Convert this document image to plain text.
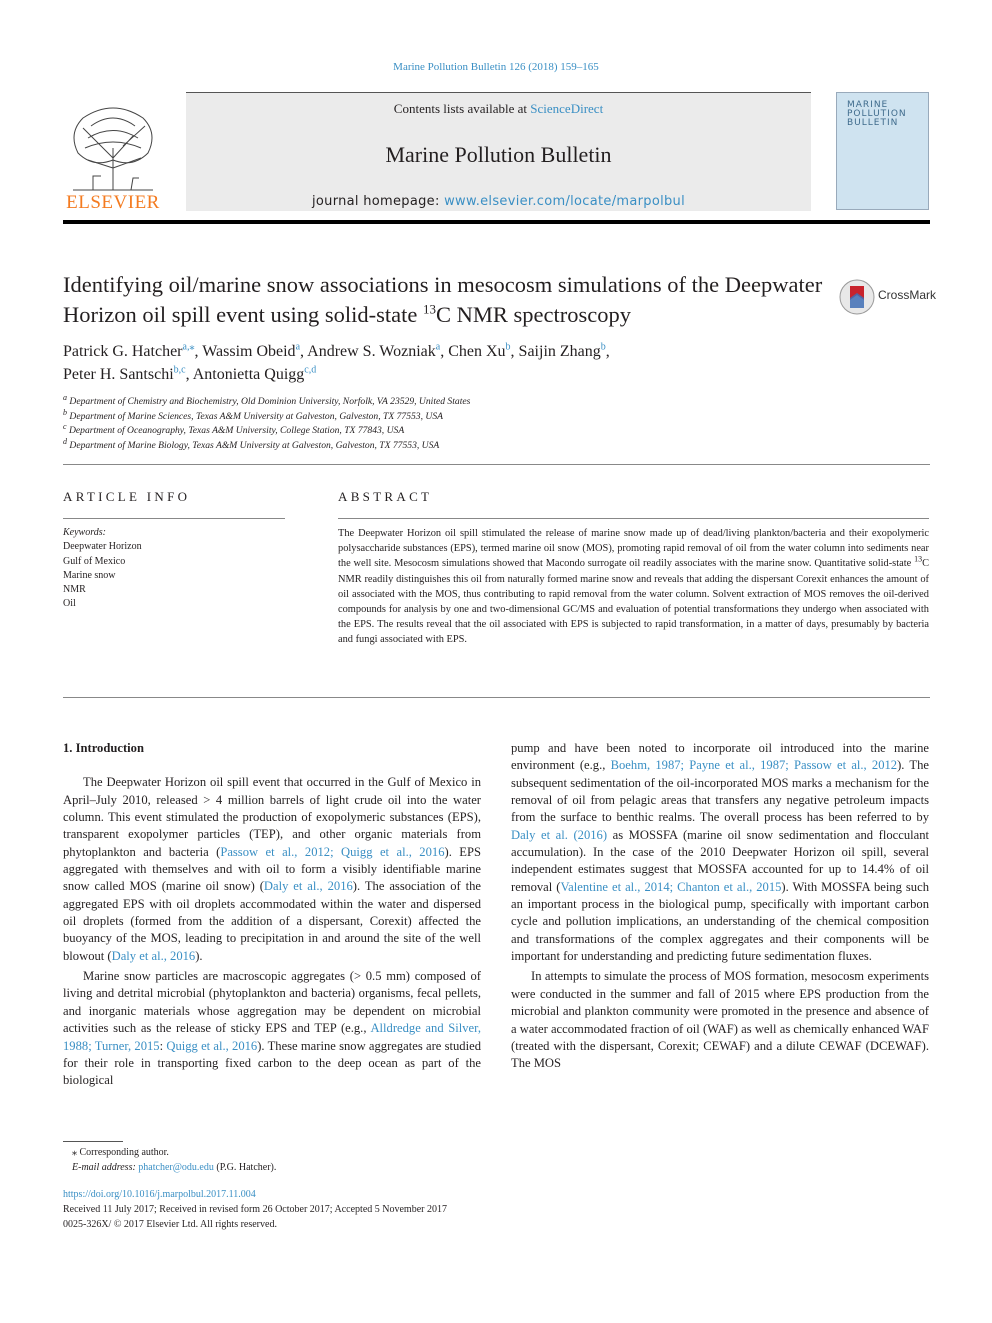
Marine Pollution Bulletin 126 (2018) 159–165
ELSEVIER
Contents lists available at ScienceDirect
Marine Pollution Bulletin
journal homepage: www.elsevier.com/locate/marpolbul
MARINE
POLLUTION
BULLETIN
Identifying oil/marine snow associations in mesocosm simulations of the Deepwater Horizon oil spill event using solid-state $^{13}$C NMR spectroscopy
CrossMark
Patrick G. Hatcher$^{a,⁎}$, Wassim Obeid$^a$, Andrew S. Wozniak$^a$, Chen Xu$^b$, Saijin Zhang$^b$,
Peter H. Santschi$^{b,c}$, Antonietta Quigg$^{c,d}$
$^a$ Department of Chemistry and Biochemistry, Old Dominion University, Norfolk, VA 23529, United States
$^b$ Department of Marine Sciences, Texas A&M University at Galveston, Galveston, TX 77553, USA
$^c$ Department of Oceanography, Texas A&M University, College Station, TX 77843, USA
$^d$ Department of Marine Biology, Texas A&M University at Galveston, Galveston, TX 77553, USA
ARTICLE INFO
Keywords:
Deepwater Horizon
Gulf of Mexico
Marine snow
NMR
Oil
ABSTRACT
The Deepwater Horizon oil spill stimulated the release of marine snow made up of dead/living plankton/bacteria and their exopolymeric polysaccharide substances (EPS), termed marine oil snow (MOS), promoting rapid removal of oil from the water column into sediments near the well site. Mesocosm simulations showed that Macondo surrogate oil readily associates with the marine snow. Quantitative solid-state $^{13}$C NMR readily distinguishes this oil from naturally formed marine snow and reveals that adding the dispersant Corexit enhances the amount of oil associated with the MOS, thus contributing to rapid removal from the water column. Solvent extraction of MOS removes the oil-derived compounds for analysis by one and two-dimensional GC/MS and evaluation of potential transformations they undergo when associated with the EPS. The results reveal that the oil associated with EPS is subjected to rapid transformation, in a matter of days, presumably by bacteria and fungi associated with EPS.

1. Introduction

The Deepwater Horizon oil spill event that occurred in the Gulf of Mexico in April–July 2010, released > 4 million barrels of light crude oil into the water column. This event stimulated the production of exopolymeric substances (EPS), transparent exopolymer particles (TEP), and other organic materials from phytoplankton and bacteria (Passow et al., 2012; Quigg et al., 2016). EPS aggregated with themselves and with oil to form a visibly identifiable marine snow called MOS (marine oil snow) (Daly et al., 2016). The association of the aggregated EPS with oil droplets accommodated within the water and dispersed oil droplets (formed from the addition of a dispersant, Corexit) affected the buoyancy of the MOS, leading to precipitation in and around the site of the well blowout (Daly et al., 2016).

Marine snow particles are macroscopic aggregates (> 0.5 mm) composed of living and detrital microbial (phytoplankton and bacteria) organisms, fecal pellets, and inorganic materials whose aggregation may be dependent on microbial activities such as the release of sticky EPS and TEP (e.g., Alldredge and Silver, 1988; Turner, 2015: Quigg et al., 2016). These marine snow aggregates are studied for their role in transporting fixed carbon to the deep ocean as part of the biological

pump and have been noted to incorporate oil introduced into the marine environment (e.g., Boehm, 1987; Payne et al., 1987; Passow et al., 2012). The subsequent sedimentation of the oil-incorporated MOS marks a mechanism for the removal of oil from pelagic areas that transfers any negative petroleum impacts from the surface to benthic realms. The overall process has been referred to by Daly et al. (2016) as MOSSFA (marine oil snow sedimentation and flocculant accumulation). In the case of the 2010 Deepwater Horizon oil spill, several independent estimates suggest that MOSSFA accounted for up to 14.4% of oil removal (Valentine et al., 2014; Chanton et al., 2015). With MOSSFA being such an important process in the biological pump, specifically with important carbon cycle and pollution implications, an understanding of the chemical composition and transformations of the complex aggregates and their components will be important for understanding and predicting future sedimentation fluxes.

In attempts to simulate the process of MOS formation, mesocosm experiments were conducted in the summer and fall of 2015 where EPS production from the microbial and plankton community were promoted in the presence and absence of a water accommodated fraction of oil (WAF) as well as chemically enhanced WAF (treated with the dispersant, Corexit; CEWAF) and a dilute CEWAF (DCEWAF). The MOS

⁎ Corresponding author.
E-mail address: phatcher@odu.edu (P.G. Hatcher).
https://doi.org/10.1016/j.marpolbul.2017.11.004
Received 11 July 2017; Received in revised form 26 October 2017; Accepted 5 November 2017
0025-326X/ © 2017 Elsevier Ltd. All rights reserved.
